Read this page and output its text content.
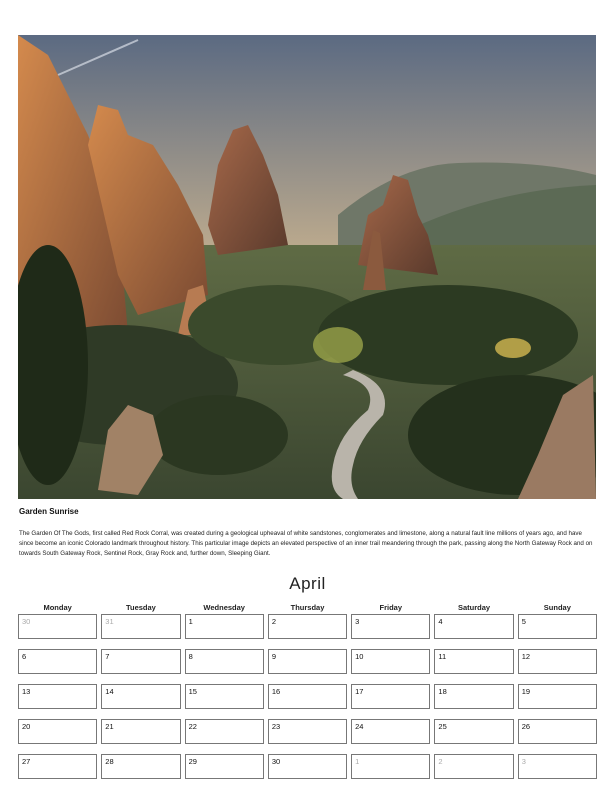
Garden Sunrise
The Garden Of The Gods, first called Red Rock Corral, was created during a geological upheaval of white sandstones, conglomerates and limestone, along a natural fault line millions of years ago, and have since become an iconic Colorado landmark throughout history. This particular image depicts an elevated perspective of an inner trail meandering through the park, passing along the North Gateway Rock and on towards South Gateway Rock, Sentinel Rock, Gray Rock and, further down, Sleeping Giant.
April
Monday	Tuesday	Wednesday	Thursday	Friday	Saturday	Sunday
30	31	1	2	3	4	5
6	7	8	9	10	11	12
13	14	15	16	17	18	19
20	21	22	23	24	25	26
27	28	29	30	1	2	3
